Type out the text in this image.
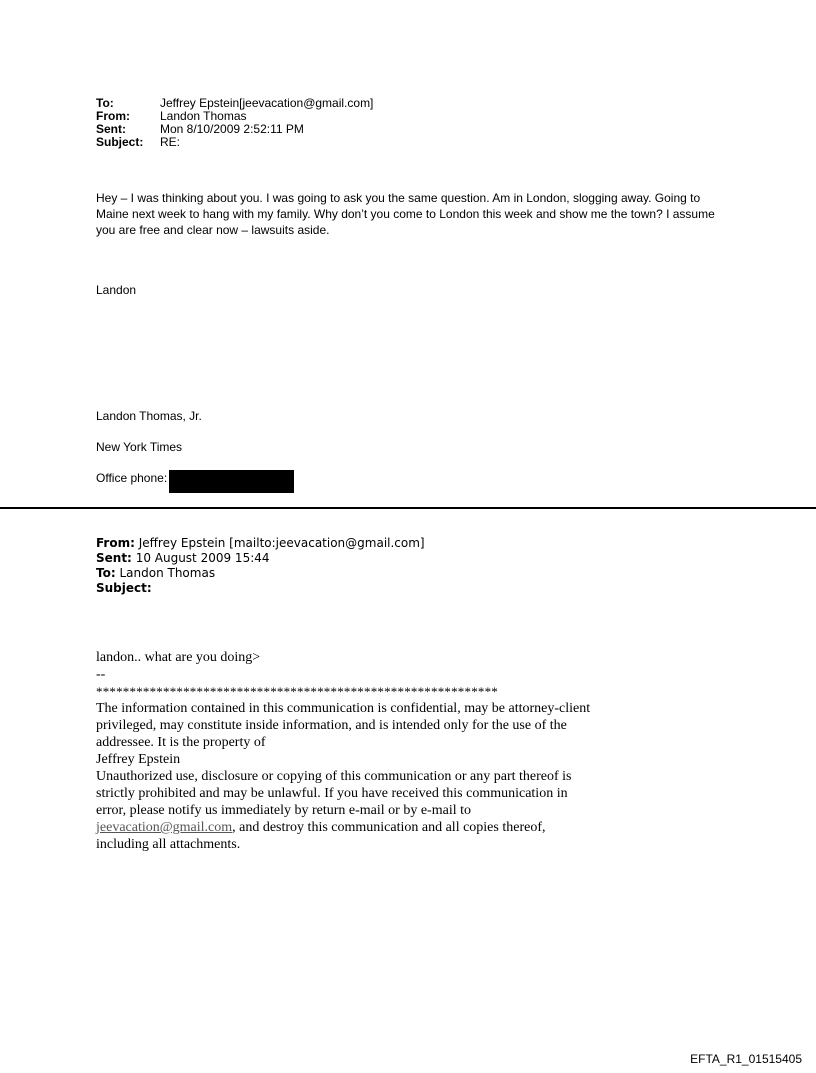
To:	Jeffrey Epstein[jeevacation@gmail.com]
From:	Landon Thomas
Sent:	Mon 8/10/2009 2:52:11 PM
Subject:	RE:
Hey – I was thinking about you. I was going to ask you the same question. Am in London, slogging away. Going to Maine next week to hang with my family. Why don’t you come to London this week and show me the town? I assume you are free and clear now – lawsuits aside.
Landon
Landon Thomas, Jr.
New York Times
Office phone:
From: Jeffrey Epstein [mailto:jeevacation@gmail.com]
Sent: 10 August 2009 15:44
To: Landon Thomas
Subject:
landon.. what are you doing>
--
************************************************************
The information contained in this communication is confidential, may be attorney-client privileged, may constitute inside information, and is intended only for the use of the addressee. It is the property of
Jeffrey Epstein
Unauthorized use, disclosure or copying of this communication or any part thereof is strictly prohibited and may be unlawful. If you have received this communication in error, please notify us immediately by return e-mail or by e-mail to jeevacation@gmail.com, and destroy this communication and all copies thereof, including all attachments.
EFTA_R1_01515405
